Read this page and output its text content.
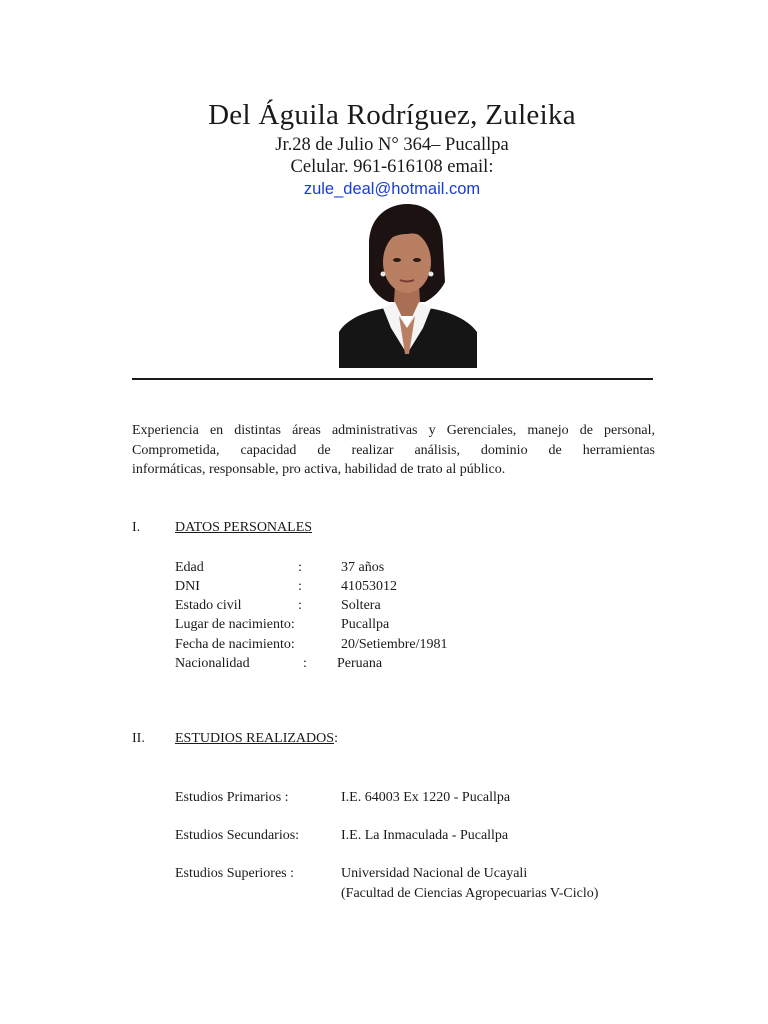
Del Águila Rodríguez, Zuleika
Jr.28 de Julio N° 364– Pucallpa
Celular. 961-616108 email:
zule_deal@hotmail.com
Experiencia en distintas áreas administrativas y Gerenciales, manejo de personal,
Comprometida, capacidad de realizar análisis, dominio de herramientas
informáticas, responsable, pro activa, habilidad de trato al público.
I. DATOS PERSONALES
Edad	:	37 años
DNI	:	41053012
Estado civil	:	Soltera
Lugar de nacimiento:	Pucallpa
Fecha de nacimiento:	20/Setiembre/1981
Nacionalidad	: Peruana
II. ESTUDIOS REALIZADOS:
Estudios Primarios :	I.E. 64003 Ex 1220 - Pucallpa
Estudios Secundarios:	I.E. La Inmaculada - Pucallpa
Estudios Superiores :	Universidad Nacional de Ucayali
(Facultad de Ciencias Agropecuarias V-Ciclo)
